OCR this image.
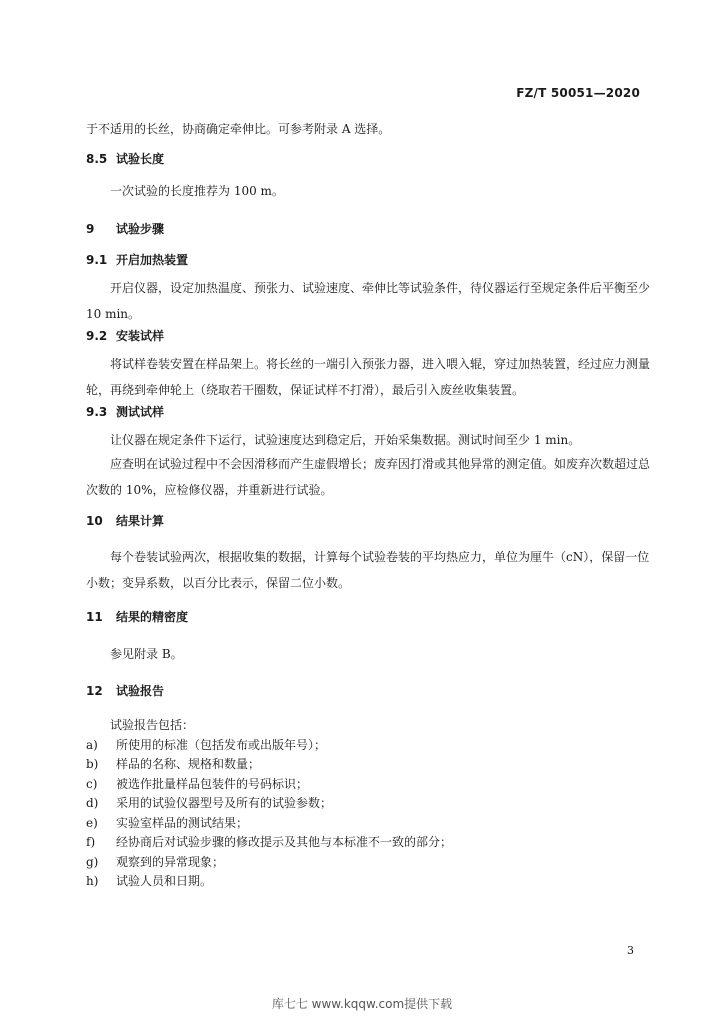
FZ/T 50051—2020
于不适用的长丝，协商确定牵伸比。可参考附录 A 选择。
8.5 试验长度
一次试验的长度推荐为 100 m。
9 试验步骤
9.1 开启加热装置
开启仪器，设定加热温度、预张力、试验速度、牵伸比等试验条件，待仪器运行至规定条件后平衡至少 10 min。
9.2 安装试样
将试样卷装安置在样品架上。将长丝的一端引入预张力器，进入喂入辊，穿过加热装置，经过应力测量轮，再绕到牵伸轮上（绕取若干圈数，保证试样不打滑），最后引入废丝收集装置。
9.3 测试试样
让仪器在规定条件下运行，试验速度达到稳定后，开始采集数据。测试时间至少 1 min。
应查明在试验过程中不会因滑移而产生虚假增长；废弃因打滑或其他异常的测定值。如废弃次数超过总次数的 10%，应检修仪器，并重新进行试验。
10 结果计算
每个卷装试验两次，根据收集的数据，计算每个试验卷装的平均热应力，单位为厘牛（cN），保留一位小数；变异系数，以百分比表示，保留二位小数。
11 结果的精密度
参见附录 B。
12 试验报告
试验报告包括：
a) 所使用的标准（包括发布或出版年号）；
b) 样品的名称、规格和数量；
c) 被选作批量样品包装件的号码标识；
d) 采用的试验仪器型号及所有的试验参数；
e) 实验室样品的测试结果；
f) 经协商后对试验步骤的修改提示及其他与本标准不一致的部分；
g) 观察到的异常现象；
h) 试验人员和日期。
3
库七七 www.kqqw.com提供下载
